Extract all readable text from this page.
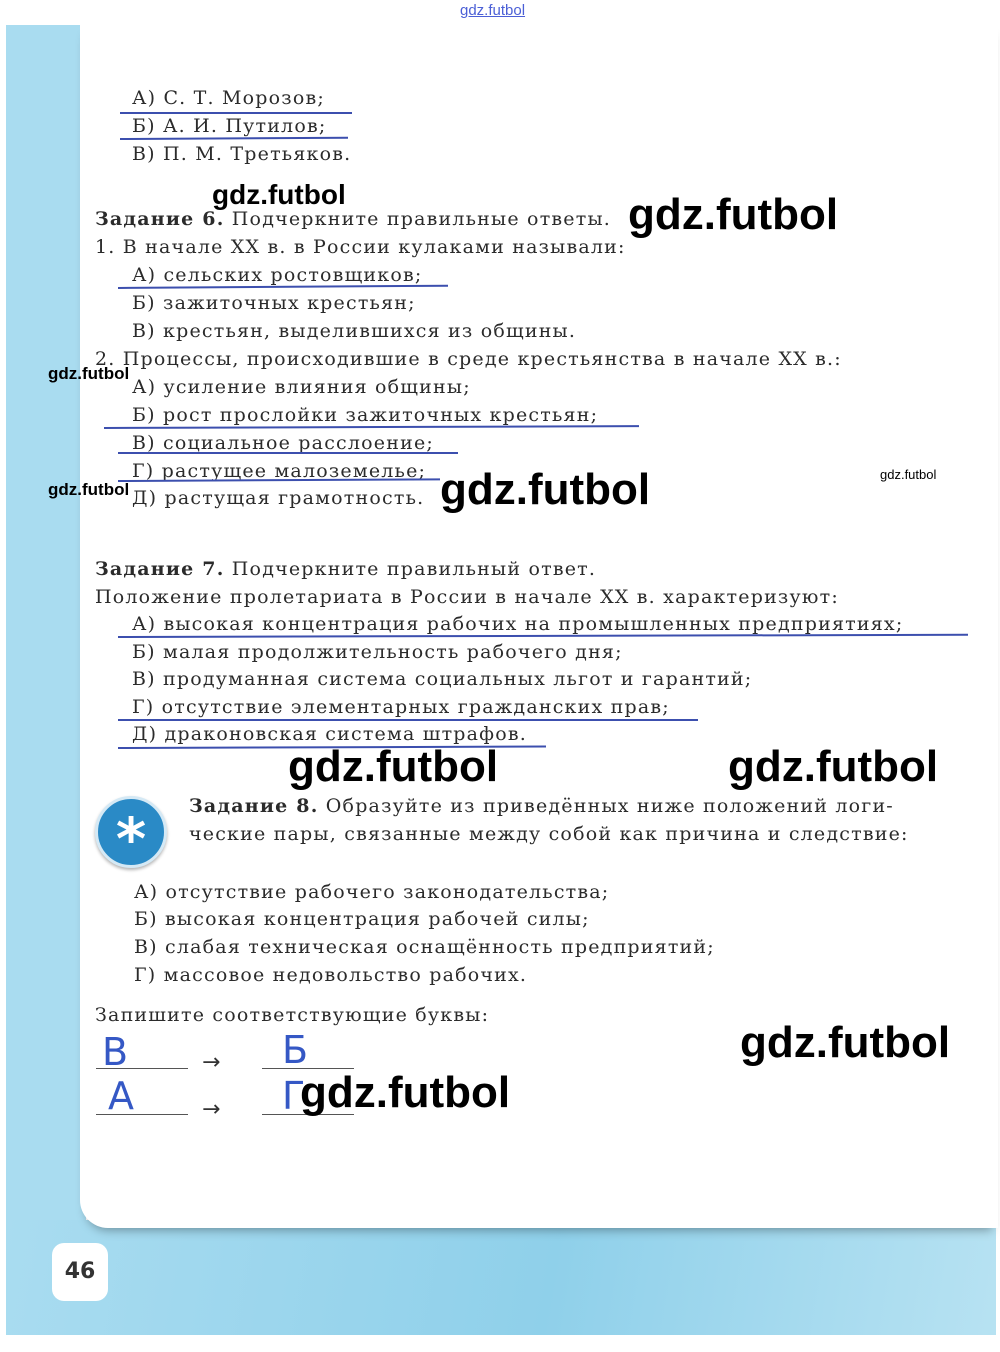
gdz.futbol
А) С. Т. Морозов;
Б) А. И. Путилов;
В) П. М. Третьяков.
Задание 6. Подчеркните правильные ответы.
1. В начале XX в. в России кулаками называли:
А) сельских ростовщиков;
Б) зажиточных крестьян;
В) крестьян, выделившихся из общины.
2. Процессы, происходившие в среде крестьянства в начале XX в.:
А) усиление влияния общины;
Б) рост прослойки зажиточных крестьян;
В) социальное расслоение;
Г) растущее малоземелье;
Д) растущая грамотность.
Задание 7. Подчеркните правильный ответ.
Положение пролетариата в России в начале XX в. характеризуют:
А) высокая концентрация рабочих на промышленных предприятиях;
Б) малая продолжительность рабочего дня;
В) продуманная система социальных льгот и гарантий;
Г) отсутствие элементарных гражданских прав;
Д) драконовская система штрафов.
*	Задание 8. Образуйте из приведённых ниже положений логи-
ческие пары, связанные между собой как причина и следствие:
А) отсутствие рабочего законодательства;
Б) высокая концентрация рабочей силы;
В) слабая техническая оснащённость предприятий;
Г) массовое недовольство рабочих.
Запишите соответствующие буквы:
В	→ Б
А	→ Г
46
gdz.futbol
gdz.futbol
gdz.futbol
gdz.futbol	gdz.futbol	gdz.futbol
gdz.futbol	gdz.futbol
gdz.futbol
gdz.futbol
